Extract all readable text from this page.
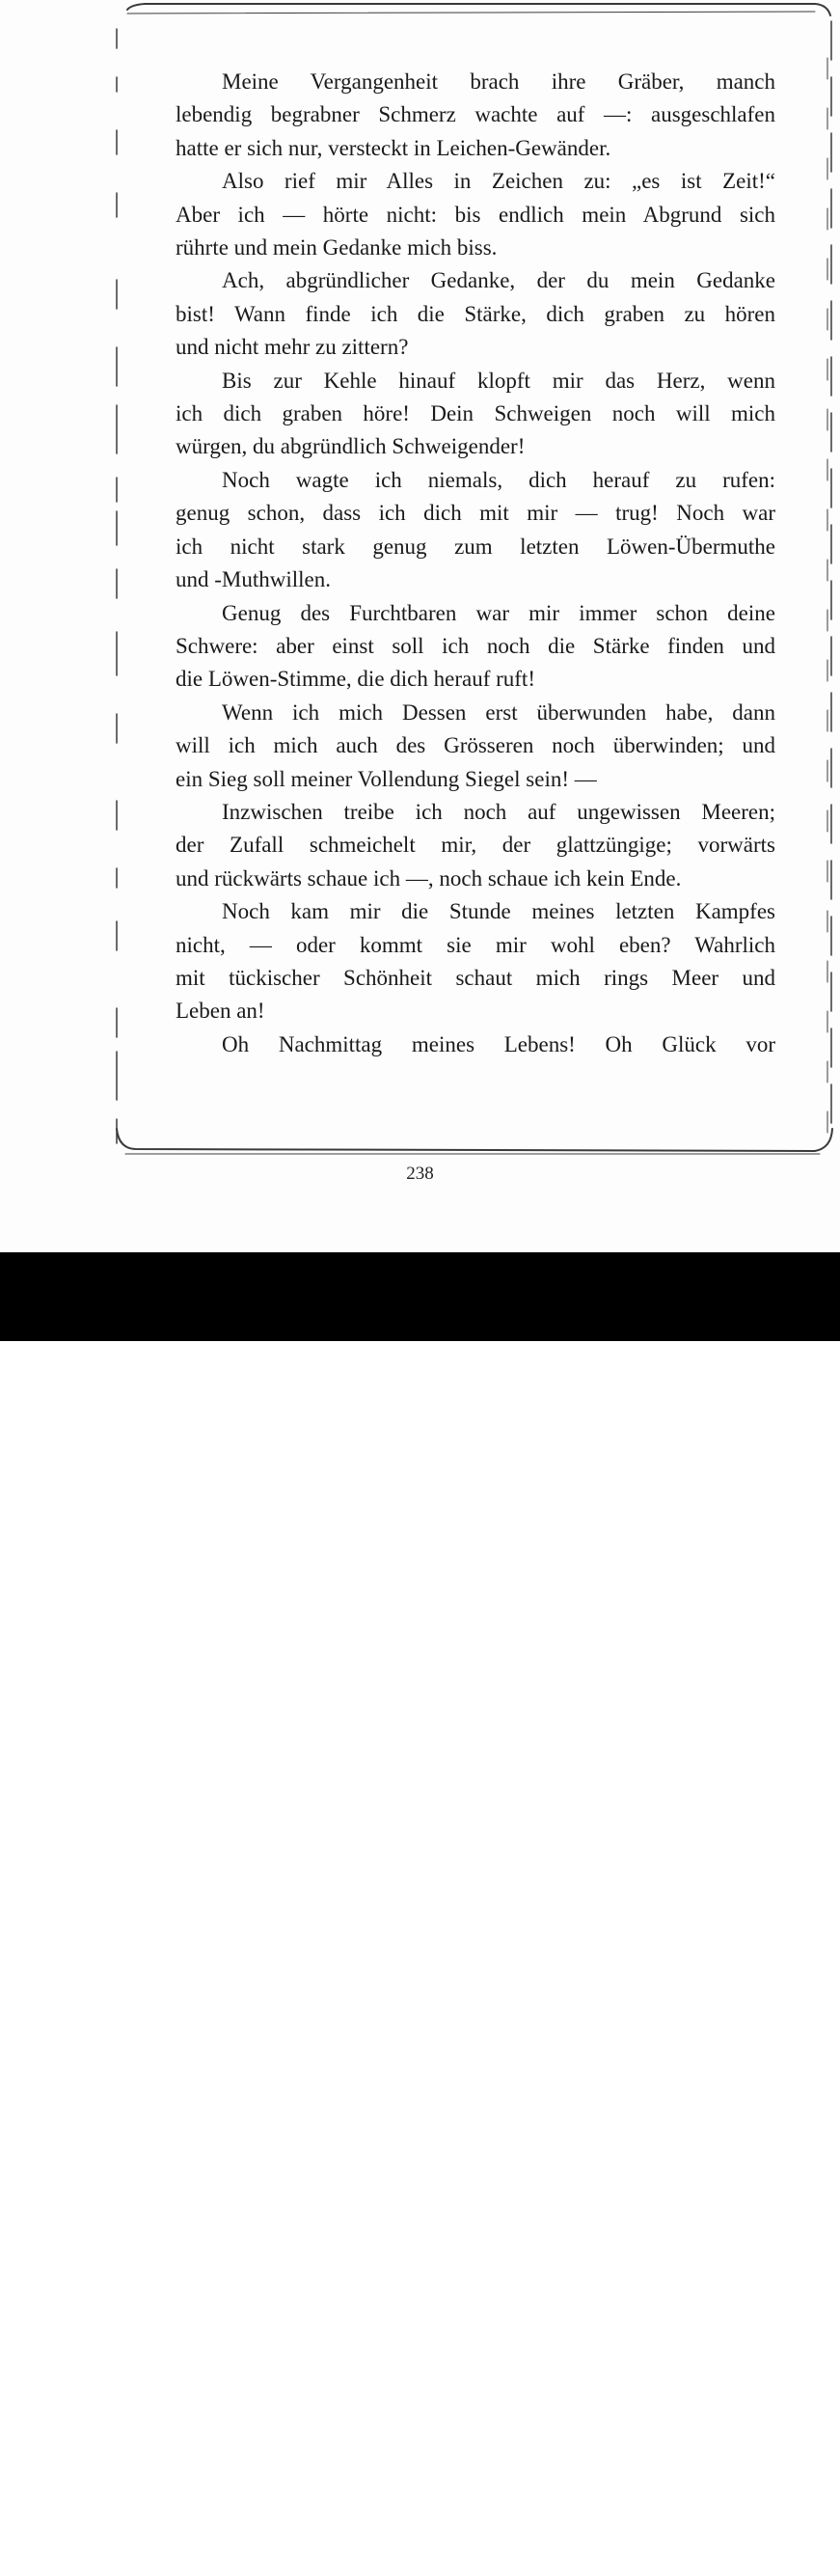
Meine Vergangenheit brach ihre Gräber, manch
lebendig begrabner Schmerz wachte auf —: ausgeschlafen
hatte er sich nur, versteckt in Leichen-Gewänder.
Also rief mir Alles in Zeichen zu: „es ist Zeit!“
Aber ich — hörte nicht: bis endlich mein Abgrund sich
rührte und mein Gedanke mich biss.
Ach, abgründlicher Gedanke, der du mein Gedanke
bist! Wann finde ich die Stärke, dich graben zu hören
und nicht mehr zu zittern?
Bis zur Kehle hinauf klopft mir das Herz, wenn
ich dich graben höre! Dein Schweigen noch will mich
würgen, du abgründlich Schweigender!
Noch wagte ich niemals, dich herauf zu rufen:
genug schon, dass ich dich mit mir — trug! Noch war
ich nicht stark genug zum letzten Löwen-Übermuthe
und -Muthwillen.
Genug des Furchtbaren war mir immer schon deine
Schwere: aber einst soll ich noch die Stärke finden und
die Löwen-Stimme, die dich herauf ruft!
Wenn ich mich Dessen erst überwunden habe, dann
will ich mich auch des Grösseren noch überwinden; und
ein Sieg soll meiner Vollendung Siegel sein! —
Inzwischen treibe ich noch auf ungewissen Meeren;
der Zufall schmeichelt mir, der glattzüngige; vorwärts
und rückwärts schaue ich —, noch schaue ich kein Ende.
Noch kam mir die Stunde meines letzten Kampfes
nicht, — oder kommt sie mir wohl eben? Wahrlich
mit tückischer Schönheit schaut mich rings Meer und
Leben an!
Oh Nachmittag meines Lebens! Oh Glück vor
238
alamy	2EAD6PN
www.alamy.com
